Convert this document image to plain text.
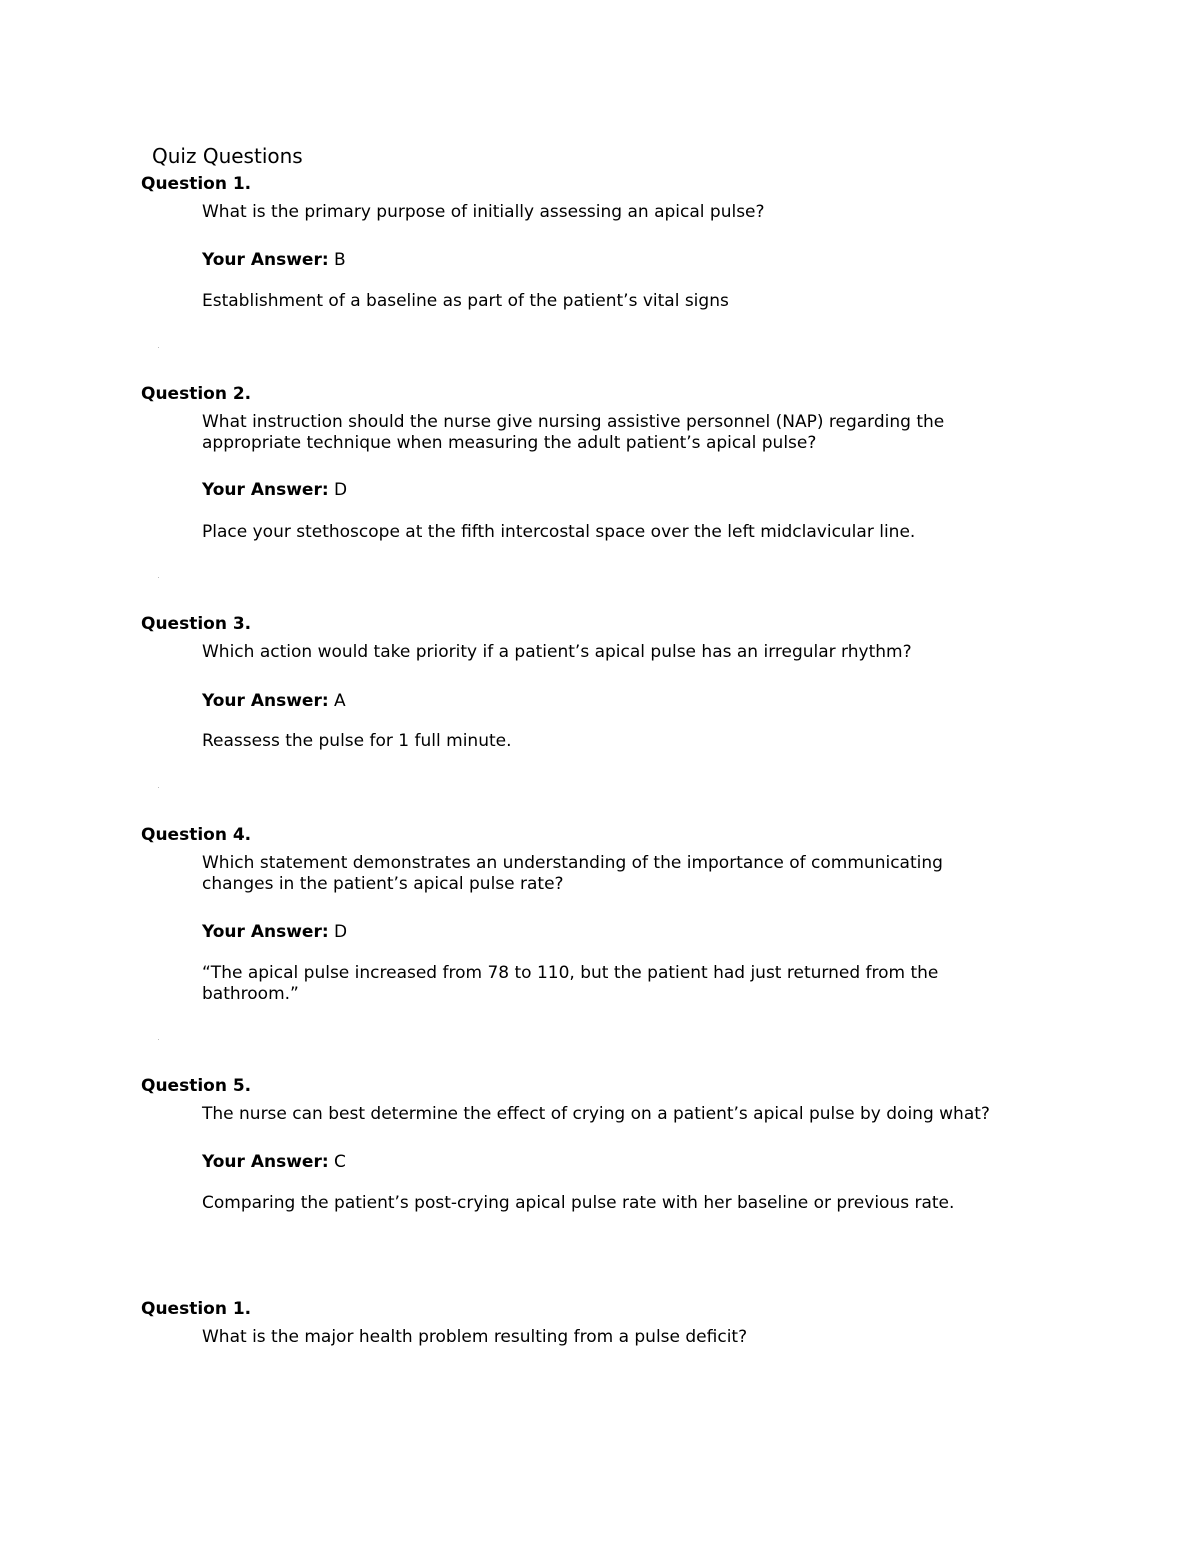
Quiz Questions
Question 1.
What is the primary purpose of initially assessing an apical pulse?
Your Answer: B
Establishment of a baseline as part of the patient’s vital signs
Question 2.
What instruction should the nurse give nursing assistive personnel (NAP) regarding the appropriate technique when measuring the adult patient’s apical pulse?
Your Answer: D
Place your stethoscope at the fifth intercostal space over the left midclavicular line.
Question 3.
Which action would take priority if a patient’s apical pulse has an irregular rhythm?
Your Answer: A
Reassess the pulse for 1 full minute.
Question 4.
Which statement demonstrates an understanding of the importance of communicating changes in the patient’s apical pulse rate?
Your Answer: D
“The apical pulse increased from 78 to 110, but the patient had just returned from the bathroom.”
Question 5.
The nurse can best determine the effect of crying on a patient’s apical pulse by doing what?
Your Answer: C
Comparing the patient’s post-crying apical pulse rate with her baseline or previous rate.
Question 1.
What is the major health problem resulting from a pulse deficit?
